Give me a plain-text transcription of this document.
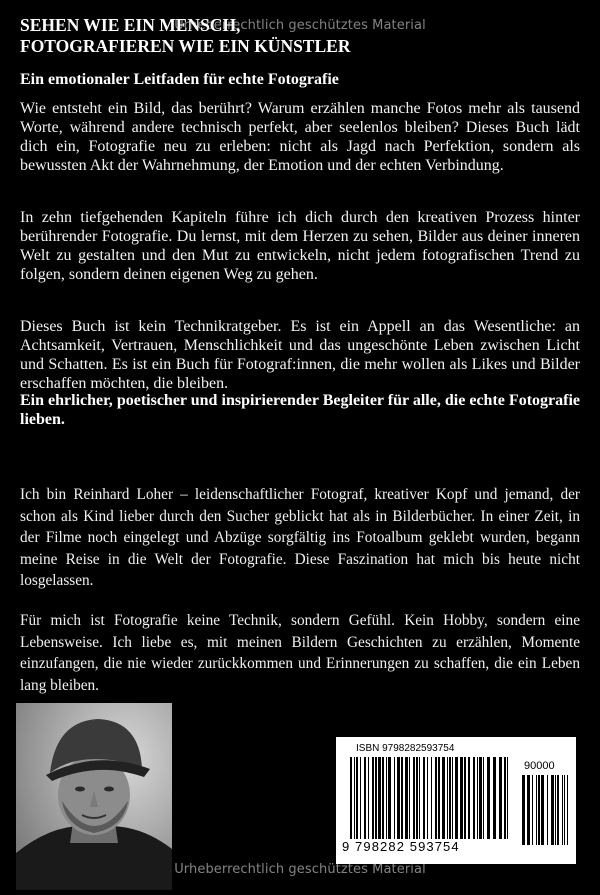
Urheberrechtlich geschütztes Material
SEHEN WIE EIN MENSCH,
FOTOGRAFIEREN WIE EIN KÜNSTLER

Ein emotionaler Leitfaden für echte Fotografie

Wie entsteht ein Bild, das berührt? Warum erzählen manche Fotos mehr als tausend Worte, während andere technisch perfekt, aber seelenlos bleiben? Dieses Buch lädt dich ein, Fotografie neu zu erleben: nicht als Jagd nach Perfektion, sondern als bewussten Akt der Wahrnehmung, der Emotion und der echten Verbindung.

In zehn tiefgehenden Kapiteln führe ich dich durch den kreativen Prozess hinter berührender Fotografie. Du lernst, mit dem Herzen zu sehen, Bilder aus deiner inneren Welt zu gestalten und den Mut zu entwickeln, nicht jedem fotografischen Trend zu folgen, sondern deinen eigenen Weg zu gehen.

Dieses Buch ist kein Technikratgeber. Es ist ein Appell an das Wesentliche: an Achtsamkeit, Vertrauen, Menschlichkeit und das ungeschönte Leben zwischen Licht und Schatten. Es ist ein Buch für Fotograf:innen, die mehr wollen als Likes und Bilder erschaffen möchten, die bleiben.

Ein ehrlicher, poetischer und inspirierender Begleiter für alle, die echte Fotografie lieben.

Ich bin Reinhard Loher – leidenschaftlicher Fotograf, kreativer Kopf und jemand, der schon als Kind lieber durch den Sucher geblickt hat als in Bilderbücher. In einer Zeit, in der Filme noch eingelegt und Abzüge sorgfältig ins Fotoalbum geklebt wurden, begann meine Reise in die Welt der Fotografie. Diese Faszination hat mich bis heute nicht losgelassen.

Für mich ist Fotografie keine Technik, sondern Gefühl. Kein Hobby, sondern eine Lebensweise. Ich liebe es, mit meinen Bildern Geschichten zu erzählen, Momente einzufangen, die nie wieder zurückkommen und Erinnerungen zu schaffen, die ein Leben lang bleiben.

ISBN 9798282593754

90000

9 798282 593754

Urheberrechtlich geschütztes Material
